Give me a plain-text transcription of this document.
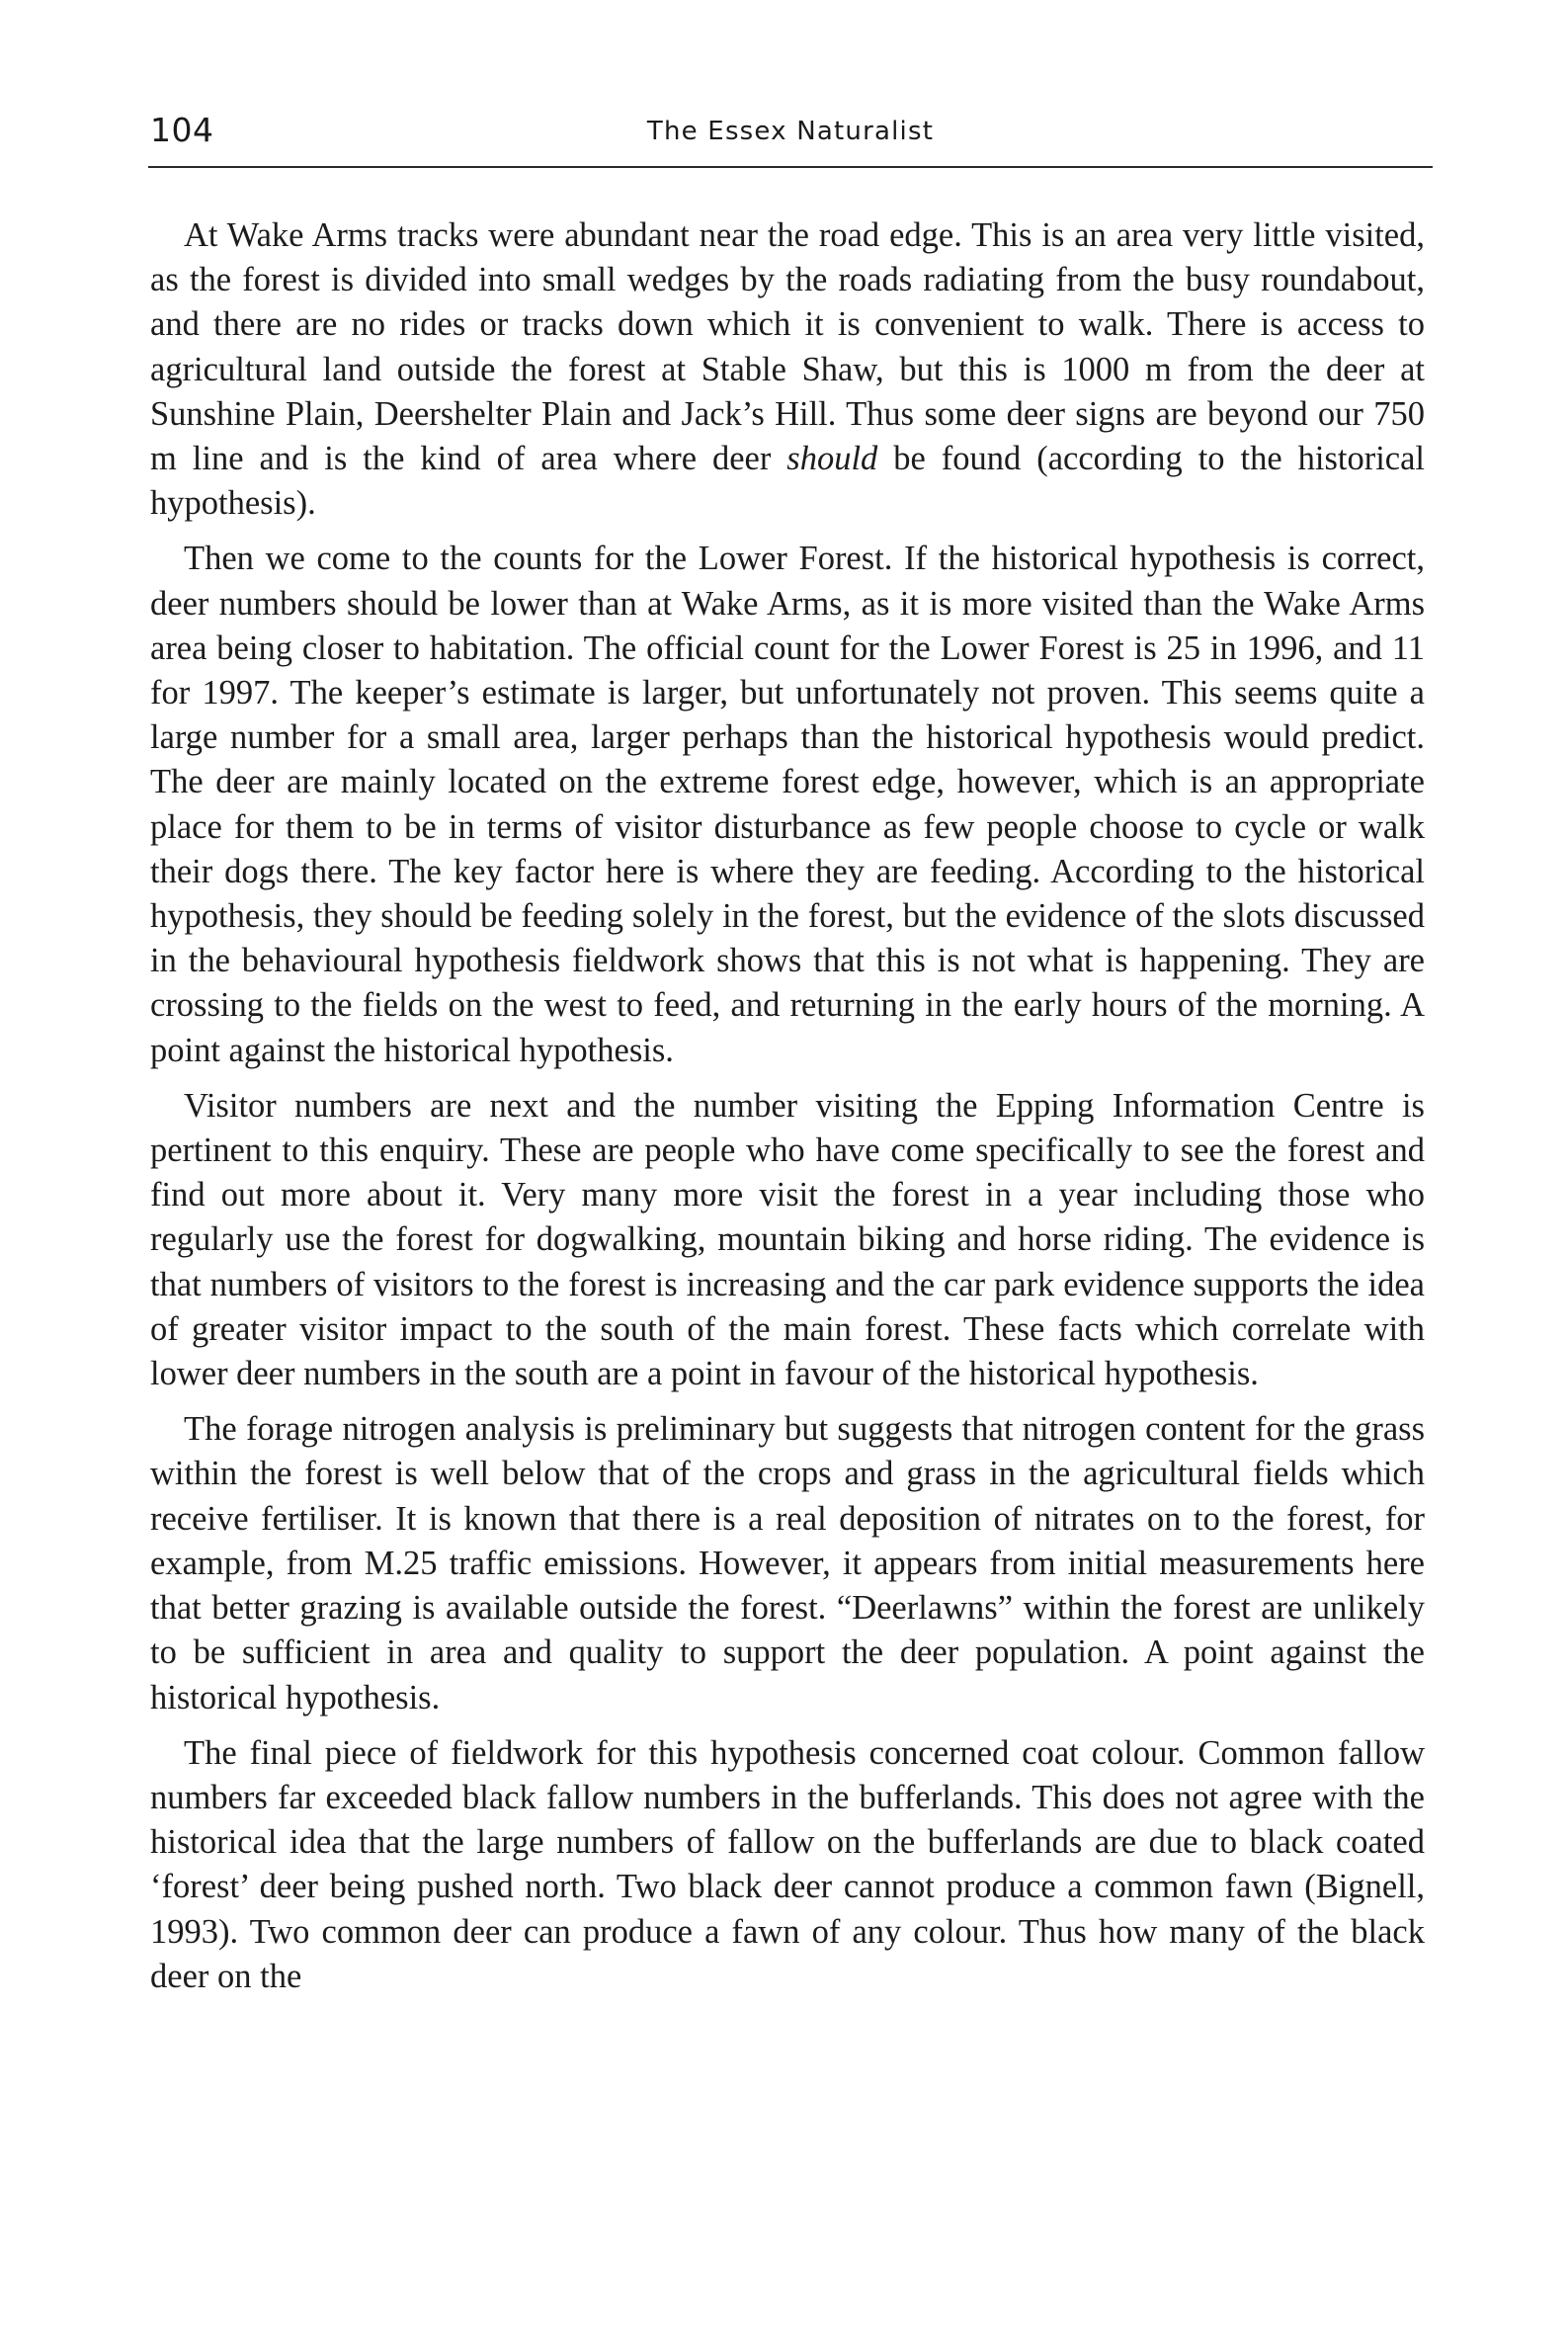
104	The Essex Naturalist

At Wake Arms tracks were abundant near the road edge. This is an area very little visited, as the forest is divided into small wedges by the roads radiating from the busy roundabout, and there are no rides or tracks down which it is convenient to walk. There is access to agricultural land outside the forest at Stable Shaw, but this is 1000 m from the deer at Sunshine Plain, Deershelter Plain and Jack’s Hill. Thus some deer signs are beyond our 750 m line and is the kind of area where deer should be found (according to the historical hypothesis).

Then we come to the counts for the Lower Forest. If the historical hypothesis is correct, deer numbers should be lower than at Wake Arms, as it is more visited than the Wake Arms area being closer to habitation. The official count for the Lower Forest is 25 in 1996, and 11 for 1997. The keeper’s estimate is larger, but unfortunately not proven. This seems quite a large number for a small area, larger perhaps than the historical hypothesis would predict. The deer are mainly located on the extreme forest edge, however, which is an appropriate place for them to be in terms of visitor disturbance as few people choose to cycle or walk their dogs there. The key factor here is where they are feeding. According to the historical hypothesis, they should be feeding solely in the forest, but the evidence of the slots discussed in the behavioural hypothesis fieldwork shows that this is not what is happening. They are crossing to the fields on the west to feed, and returning in the early hours of the morning. A point against the historical hypothesis.

Visitor numbers are next and the number visiting the Epping Information Centre is pertinent to this enquiry. These are people who have come specifically to see the forest and find out more about it. Very many more visit the forest in a year including those who regularly use the forest for dogwalking, mountain biking and horse riding. The evidence is that numbers of visitors to the forest is increasing and the car park evidence supports the idea of greater visitor impact to the south of the main forest. These facts which correlate with lower deer numbers in the south are a point in favour of the historical hypothesis.

The forage nitrogen analysis is preliminary but suggests that nitrogen content for the grass within the forest is well below that of the crops and grass in the agricultural fields which receive fertiliser. It is known that there is a real deposition of nitrates on to the forest, for example, from M.25 traffic emissions. However, it appears from initial measurements here that better grazing is available outside the forest. “Deerlawns” within the forest are unlikely to be sufficient in area and quality to support the deer population. A point against the historical hypothesis.

The final piece of fieldwork for this hypothesis concerned coat colour. Common fallow numbers far exceeded black fallow numbers in the bufferlands. This does not agree with the historical idea that the large numbers of fallow on the bufferlands are due to black coated ‘forest’ deer being pushed north. Two black deer cannot produce a common fawn (Bignell, 1993). Two common deer can produce a fawn of any colour. Thus how many of the black deer on the
